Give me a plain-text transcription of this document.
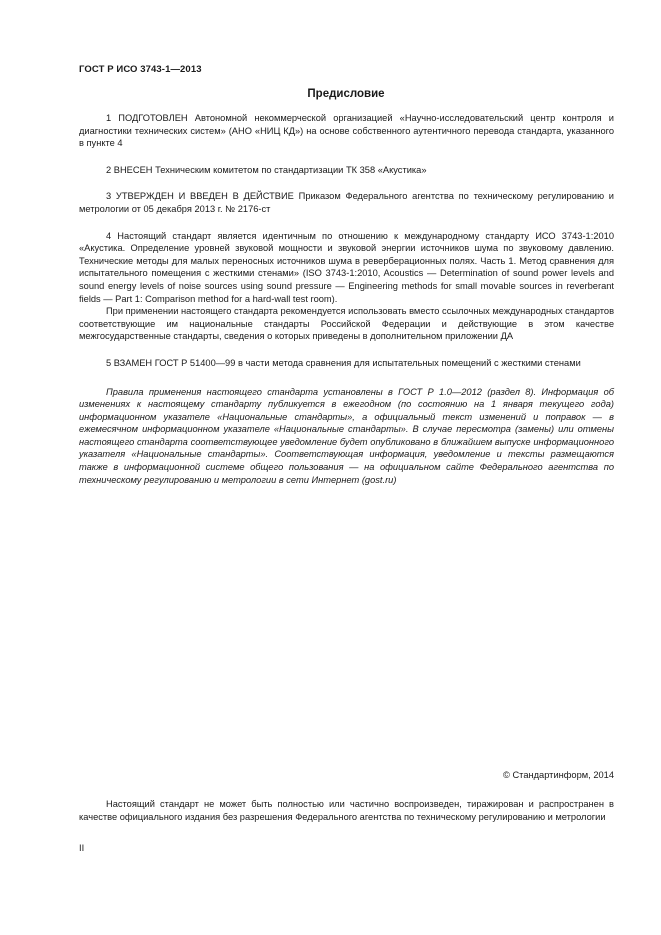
ГОСТ Р ИСО 3743-1—2013
Предисловие

1 ПОДГОТОВЛЕН Автономной некоммерческой организацией «Научно-исследовательский центр контроля и диагностики технических систем» (АНО «НИЦ КД») на основе собственного аутентичного перевода стандарта, указанного в пункте 4

2 ВНЕСЕН Техническим комитетом по стандартизации ТК 358 «Акустика»

3 УТВЕРЖДЕН И ВВЕДЕН В ДЕЙСТВИЕ Приказом Федерального агентства по техническому регулированию и метрологии от 05 декабря 2013 г. № 2176-ст

4 Настоящий стандарт является идентичным по отношению к международному стандарту ИСО 3743-1:2010 «Акустика. Определение уровней звуковой мощности и звуковой энергии источников шума по звуковому давлению. Технические методы для малых переносных источников шума в реверберационных полях. Часть 1. Метод сравнения для испытательного помещения с жесткими стенами» (ISO 3743-1:2010, Acoustics — Determination of sound power levels and sound energy levels of noise sources using sound pressure — Engineering methods for small movable sources in reverberant fields — Part 1: Comparison method for a hard-wall test room).

При применении настоящего стандарта рекомендуется использовать вместо ссылочных международных стандартов соответствующие им национальные стандарты Российской Федерации и действующие в этом качестве межгосударственные стандарты, сведения о которых приведены в дополнительном приложении ДА

5 ВЗАМЕН ГОСТ Р 51400—99 в части метода сравнения для испытательных помещений с жесткими стенами

Правила применения настоящего стандарта установлены в ГОСТ Р 1.0—2012 (раздел 8). Информация об изменениях к настоящему стандарту публикуется в ежегодном (по состоянию на 1 января текущего года) информационном указателе «Национальные стандарты», а официальный текст изменений и поправок — в ежемесячном информационном указателе «Национальные стандарты». В случае пересмотра (замены) или отмены настоящего стандарта соответствующее уведомление будет опубликовано в ближайшем выпуске информационного указателя «Национальные стандарты». Соответствующая информация, уведомление и тексты размещаются также в информационной системе общего пользования — на официальном сайте Федерального агентства по техническому регулированию и метрологии в сети Интернет (gost.ru)

© Стандартинформ, 2014

Настоящий стандарт не может быть полностью или частично воспроизведен, тиражирован и распространен в качестве официального издания без разрешения Федерального агентства по техническому регулированию и метрологии

II
